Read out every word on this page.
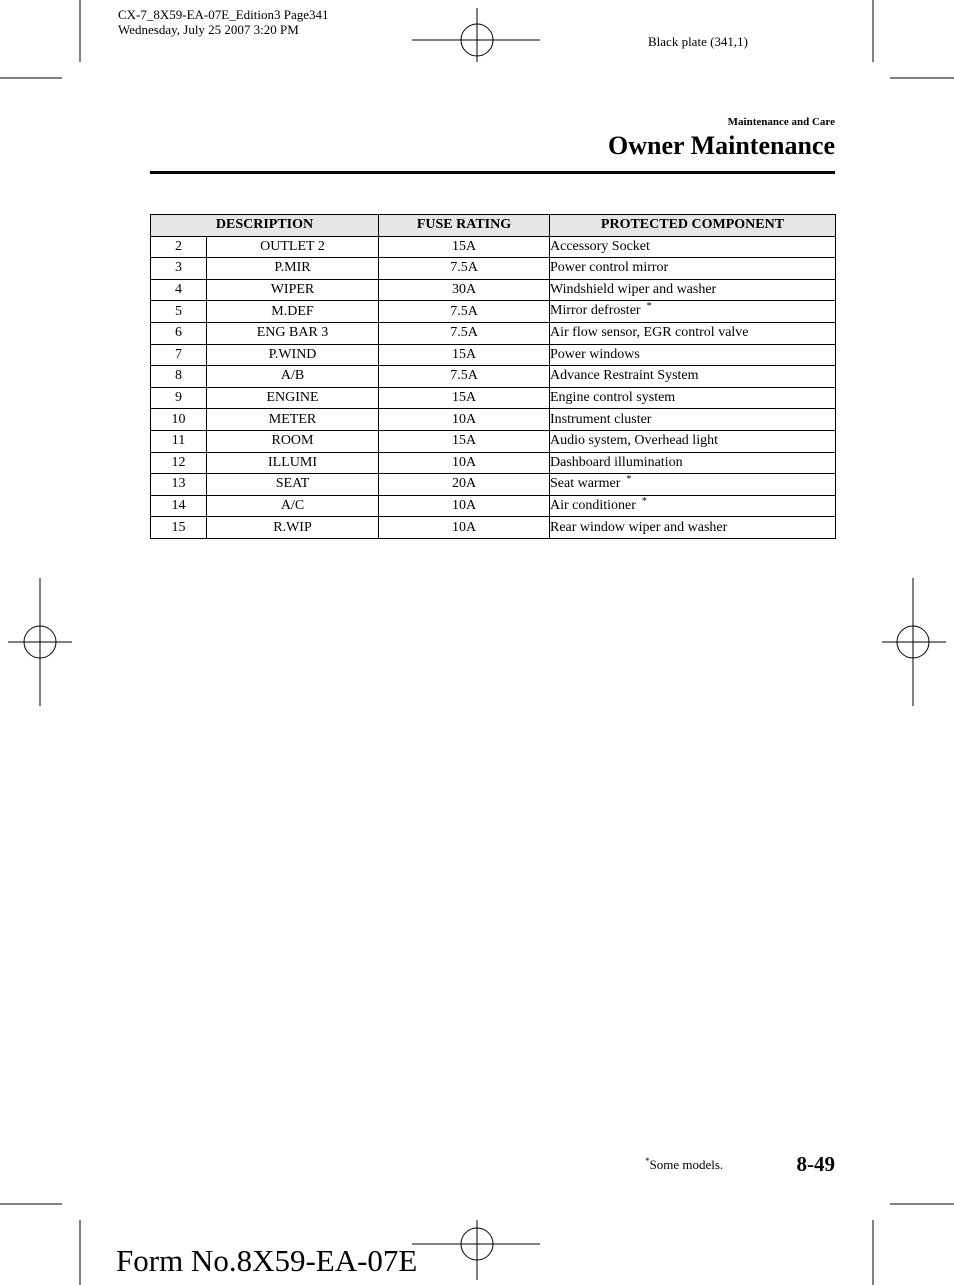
CX-7_8X59-EA-07E_Edition3 Page341
Wednesday, July 25 2007 3:20 PM
Black plate (341,1)
Maintenance and Care
Owner Maintenance
DESCRIPTION		FUSE RATING	PROTECTED COMPONENT
2	OUTLET 2	15A	Accessory Socket
3	P.MIR	7.5A	Power control mirror
4	WIPER	30A	Windshield wiper and washer
5	M.DEF	7.5A	Mirror defroster *
6	ENG BAR 3	7.5A	Air flow sensor, EGR control valve
7	P.WIND	15A	Power windows
8	A/B	7.5A	Advance Restraint System
9	ENGINE	15A	Engine control system
10	METER	10A	Instrument cluster
11	ROOM	15A	Audio system, Overhead light
12	ILLUMI	10A	Dashboard illumination
13	SEAT	20A	Seat warmer *
14	A/C	10A	Air conditioner *
15	R.WIP	10A	Rear window wiper and washer
*Some models.	8-49
Form No.8X59-EA-07E
